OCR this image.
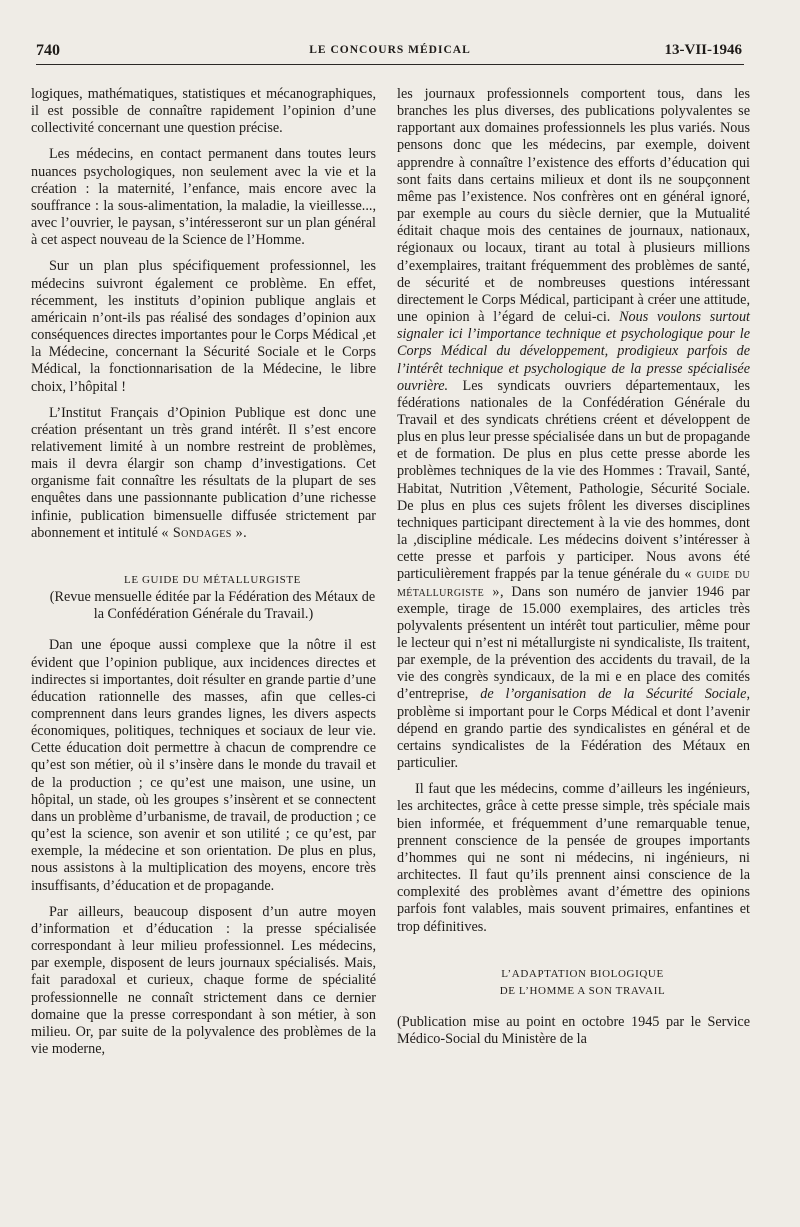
740	LE CONCOURS MÉDICAL	13-VII-1946

logiques, mathématiques, statistiques et mécanographiques, il est possible de connaître rapidement l’opinion d’une collectivité concernant une question précise.

Les médecins, en contact permanent dans toutes leurs nuances psychologiques, non seulement avec la vie et la création : la maternité, l’enfance, mais encore avec la souffrance : la sous-alimentation, la maladie, la vieillesse..., avec l’ouvrier, le paysan, s’intéresseront sur un plan général à cet aspect nouveau de la Science de l’Homme.

Sur un plan plus spécifiquement professionnel, les médecins suivront également ce problème. En effet, récemment, les instituts d’opinion publique anglais et américain n’ont-ils pas réalisé des sondages d’opinion aux conséquences directes importantes pour le Corps Médical ,et la Médecine, concernant la Sécurité Sociale et le Corps Médical, la fonctionnarisation de la Médecine, le libre choix, l’hôpital !

L’Institut Français d’Opinion Publique est donc une création présentant un très grand intérêt. Il s’est encore relativement limité à un nombre restreint de problèmes, mais il devra élargir son champ d’investigations. Cet organisme fait connaître les résultats de la plupart de ses enquêtes dans une passionnante publication d’une richesse infinie, publication bimensuelle diffusée strictement par abonnement et intitulé « Sondages ».

LE GUIDE DU MÉTALLURGISTE

(Revue mensuelle éditée par la Fédération des Métaux de la Confédération Générale du Travail.)

Dan une époque aussi complexe que la nôtre il est évident que l’opinion publique, aux incidences directes et indirectes si importantes, doit résulter en grande partie d’une éducation rationnelle des masses, afin que celles-ci comprennent dans leurs grandes lignes, les divers aspects économiques, politiques, techniques et sociaux de leur vie. Cette éducation doit permettre à chacun de comprendre ce qu’est son métier, où il s’insère dans le monde du travail et de la production ; ce qu’est une maison, une usine, un hôpital, un stade, où les groupes s’insèrent et se connectent dans un problème d’urbanisme, de travail, de production ; ce qu’est la science, son avenir et son utilité ; ce qu’est, par exemple, la médecine et son orientation. De plus en plus, nous assistons à la multiplication des moyens, encore très insuffisants, d’éducation et de propagande.

Par ailleurs, beaucoup disposent d’un autre moyen d’information et d’éducation : la presse spécialisée correspondant à leur milieu professionnel. Les médecins, par exemple, disposent de leurs journaux spécialisés. Mais, fait paradoxal et curieux, chaque forme de spécialité professionnelle ne connaît strictement dans ce dernier domaine que la presse correspondant à son métier, à son milieu. Or, par suite de la polyvalence des problèmes de la vie moderne,

les journaux professionnels comportent tous, dans les branches les plus diverses, des publications polyvalentes se rapportant aux domaines professionnels les plus variés. Nous pensons donc que les médecins, par exemple, doivent apprendre à connaître l’existence des efforts d’éducation qui sont faits dans certains milieux et dont ils ne soupçonnent même pas l’existence. Nos confrères ont en général ignoré, par exemple au cours du siècle dernier, que la Mutualité éditait chaque mois des centaines de journaux, nationaux, régionaux ou locaux, tirant au total à plusieurs millions d’exemplaires, traitant fréquemment des problèmes de santé, de sécurité et de nombreuses questions intéressant directement le Corps Médical, participant à créer une attitude, une opinion à l’égard de celui-ci. Nous voulons surtout signaler ici l’importance technique et psychologique pour le Corps Médical du développement, prodigieux parfois de l’intérêt technique et psychologique de la presse spécialisée ouvrière. Les syndicats ouvriers départementaux, les fédérations nationales de la Confédération Générale du Travail et des syndicats chrétiens créent et développent de plus en plus leur presse spécialisée dans un but de propagande et de formation. De plus en plus cette presse aborde les problèmes techniques de la vie des Hommes : Travail, Santé, Habitat, Nutrition ,Vêtement, Pathologie, Sécurité Sociale. De plus en plus ces sujets frôlent les diverses disciplines techniques participant directement à la vie des hommes, dont la ,discipline médicale. Les médecins doivent s’intéresser à cette presse et parfois y participer. Nous avons été particulièrement frappés par la tenue générale du « guide du métallurgiste », Dans son numéro de janvier 1946 par exemple, tirage de 15.000 exemplaires, des articles très polyvalents présentent un intérêt tout particulier, même pour le lecteur qui n’est ni métallurgiste ni syndicaliste, Ils traitent, par exemple, de la prévention des accidents du travail, de la vie des congrès syndicaux, de la mi e en place des comités d’entreprise, de l’organisation de la Sécurité Sociale, problème si important pour le Corps Médical et dont l’avenir dépend en grando partie des syndicalistes en général et de certains syndicalistes de la Fédération des Métaux en particulier.

Il faut que les médecins, comme d’ailleurs les ingénieurs, les architectes, grâce à cette presse simple, très spéciale mais bien informée, et fréquemment d’une remarquable tenue, prennent conscience de la pensée de groupes importants d’hommes qui ne sont ni médecins, ni ingénieurs, ni architectes. Il faut qu’ils prennent ainsi conscience de la complexité des problèmes avant d’émettre des opinions parfois font valables, mais souvent primaires, enfantines et trop définitives.

L’ADAPTATION BIOLOGIQUE

DE L’HOMME A SON TRAVAIL

(Publication mise au point en octobre 1945 par le Service Médico-Social du Ministère de la
